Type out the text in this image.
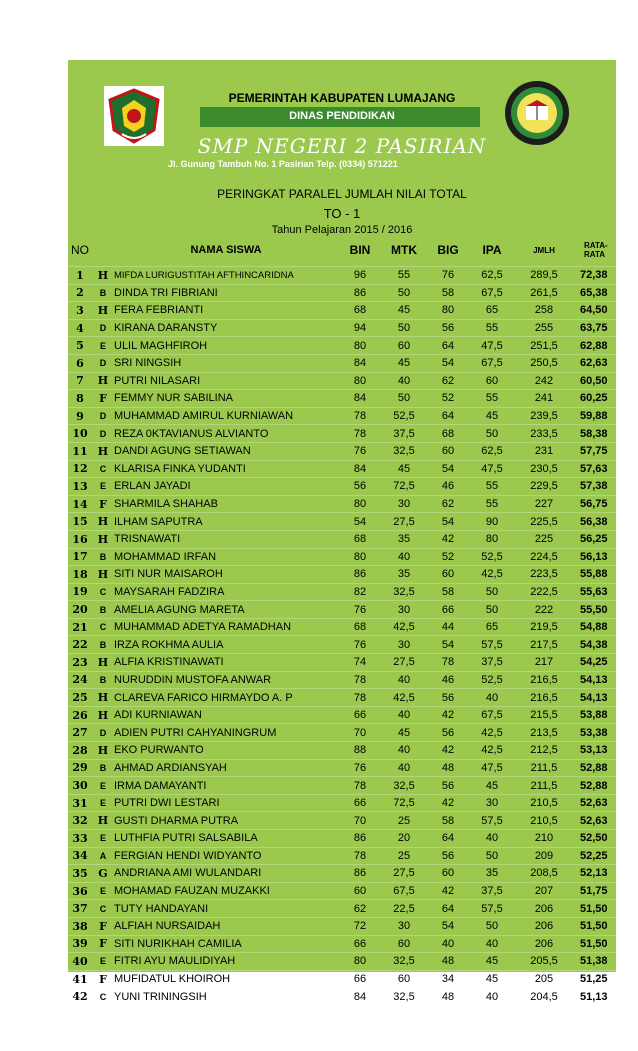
PEMERINTAH KABUPATEN LUMAJANG
DINAS PENDIDIKAN
SMP NEGERI 2 PASIRIAN
Jl. Gunung Tambuh No. 1 Pasirian Telp. (0334) 571221
PERINGKAT PARALEL JUMLAH NILAI TOTAL
TO - 1
Tahun Pelajaran 2015 / 2016
NO		NAMA SISWA	BIN	MTK	BIG	IPA	JMLH	RATA-RATA
1	H	MIFDA LURIGUSTITAH AFTHINCARIDNA	96	55	76	62,5	289,5	72,38
2	B	DINDA TRI FIBRIANI	86	50	58	67,5	261,5	65,38
3	H	FERA FEBRIANTI	68	45	80	65	258	64,50
4	D	KIRANA DARANSTY	94	50	56	55	255	63,75
5	E	ULIL MAGHFIROH	80	60	64	47,5	251,5	62,88
6	D	SRI NINGSIH	84	45	54	67,5	250,5	62,63
7	H	PUTRI NILASARI	80	40	62	60	242	60,50
8	F	FEMMY NUR SABILINA	84	50	52	55	241	60,25
9	D	MUHAMMAD AMIRUL KURNIAWAN	78	52,5	64	45	239,5	59,88
10	D	REZA 0KTAVIANUS ALVIANTO	78	37,5	68	50	233,5	58,38
11	H	DANDI AGUNG SETIAWAN	76	32,5	60	62,5	231	57,75
12	C	KLARISA FINKA YUDANTI	84	45	54	47,5	230,5	57,63
13	E	ERLAN JAYADI	56	72,5	46	55	229,5	57,38
14	F	SHARMILA SHAHAB	80	30	62	55	227	56,75
15	H	ILHAM SAPUTRA	54	27,5	54	90	225,5	56,38
16	H	TRISNAWATI	68	35	42	80	225	56,25
17	B	MOHAMMAD IRFAN	80	40	52	52,5	224,5	56,13
18	H	SITI NUR MAISAROH	86	35	60	42,5	223,5	55,88
19	C	MAYSARAH FADZIRA	82	32,5	58	50	222,5	55,63
20	B	AMELIA AGUNG MARETA	76	30	66	50	222	55,50
21	C	MUHAMMAD ADETYA RAMADHAN	68	42,5	44	65	219,5	54,88
22	B	IRZA ROKHMA AULIA	76	30	54	57,5	217,5	54,38
23	H	ALFIA KRISTINAWATI	74	27,5	78	37,5	217	54,25
24	B	NURUDDIN MUSTOFA ANWAR	78	40	46	52,5	216,5	54,13
25	H	CLAREVA FARICO HIRMAYDO A. P	78	42,5	56	40	216,5	54,13
26	H	ADI KURNIAWAN	66	40	42	67,5	215,5	53,88
27	D	ADIEN PUTRI CAHYANINGRUM	70	45	56	42,5	213,5	53,38
28	H	EKO PURWANTO	88	40	42	42,5	212,5	53,13
29	B	AHMAD ARDIANSYAH	76	40	48	47,5	211,5	52,88
30	E	IRMA DAMAYANTI	78	32,5	56	45	211,5	52,88
31	E	PUTRI DWI LESTARI	66	72,5	42	30	210,5	52,63
32	H	GUSTI DHARMA PUTRA	70	25	58	57,5	210,5	52,63
33	E	LUTHFIA PUTRI SALSABILA	86	20	64	40	210	52,50
34	A	FERGIAN HENDI WIDYANTO	78	25	56	50	209	52,25
35	G	ANDRIANA AMI WULANDARI	86	27,5	60	35	208,5	52,13
36	E	MOHAMAD FAUZAN MUZAKKI	60	67,5	42	37,5	207	51,75
37	C	TUTY HANDAYANI	62	22,5	64	57,5	206	51,50
38	F	ALFIAH NURSAIDAH	72	30	54	50	206	51,50
39	F	SITI NURIKHAH CAMILIA	66	60	40	40	206	51,50
40	E	FITRI AYU MAULIDIYAH	80	32,5	48	45	205,5	51,38
41	F	MUFIDATUL KHOIROH	66	60	34	45	205	51,25
42	C	YUNI TRININGSIH	84	32,5	48	40	204,5	51,13
